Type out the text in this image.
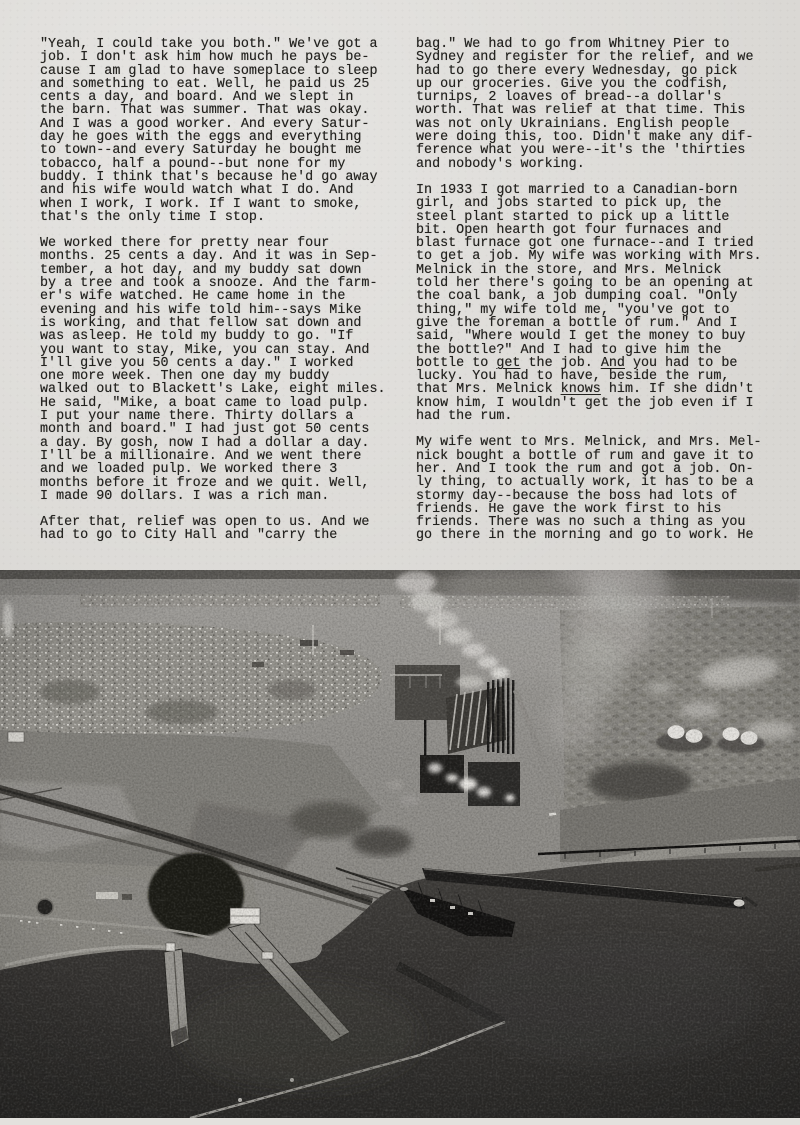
"Yeah, I could take you both." We've got a
job. I don't ask him how much he pays be-
cause I am glad to have someplace to sleep
and something to eat. Well, he paid us 25
cents a day, and board. And we slept in
the barn. That was summer. That was okay.
And I was a good worker. And every Satur-
day he goes with the eggs and everything
to town--and every Saturday he bought me
tobacco, half a pound--but none for my
buddy. I think that's because he'd go away
and his wife would watch what I do. And
when I work, I work. If I want to smoke,
that's the only time I stop.
We worked there for pretty near four
months. 25 cents a day. And it was in Sep-
tember, a hot day, and my buddy sat down
by a tree and took a snooze. And the farm-
er's wife watched. He came home in the
evening and his wife told him--says Mike
is working, and that fellow sat down and
was asleep. He told my buddy to go. "If
you want to stay, Mike, you can stay. And
I'll give you 50 cents a day." I worked
one more week. Then one day my buddy
walked out to Blackett's Lake, eight miles.
He said, "Mike, a boat came to load pulp.
I put your name there. Thirty dollars a
month and board." I had just got 50 cents
a day. By gosh, now I had a dollar a day.
I'll be a millionaire. And we went there
and we loaded pulp. We worked there 3
months before it froze and we quit. Well,
I made 90 dollars. I was a rich man.
After that, relief was open to us. And we
had to go to City Hall and "carry the
bag." We had to go from Whitney Pier to
Sydney and register for the relief, and we
had to go there every Wednesday, go pick
up our groceries. Give you the codfish,
turnips, 2 loaves of bread--a dollar's
worth. That was relief at that time. This
was not only Ukrainians. English people
were doing this, too. Didn't make any dif-
ference what you were--it's the 'thirties
and nobody's working.
In 1933 I got married to a Canadian-born
girl, and jobs started to pick up, the
steel plant started to pick up a little
bit. Open hearth got four furnaces and
blast furnace got one furnace--and I tried
to get a job. My wife was working with Mrs.
Melnick in the store, and Mrs. Melnick
told her there's going to be an opening at
the coal bank, a job dumping coal. "Only
thing," my wife told me, "you've got to
give the foreman a bottle of rum." And I
said, "Where would I get the money to buy
the bottle?" And I had to give him the
bottle to get the job. And you had to be
lucky. You had to have, beside the rum,
that Mrs. Melnick knows him. If she didn't
know him, I wouldn't get the job even if I
had the rum.
My wife went to Mrs. Melnick, and Mrs. Mel-
nick bought a bottle of rum and gave it to
her. And I took the rum and got a job. On-
ly thing, to actually work, it has to be a
stormy day--because the boss had lots of
friends. He gave the work first to his
friends. There was no such a thing as you
go there in the morning and go to work. He
